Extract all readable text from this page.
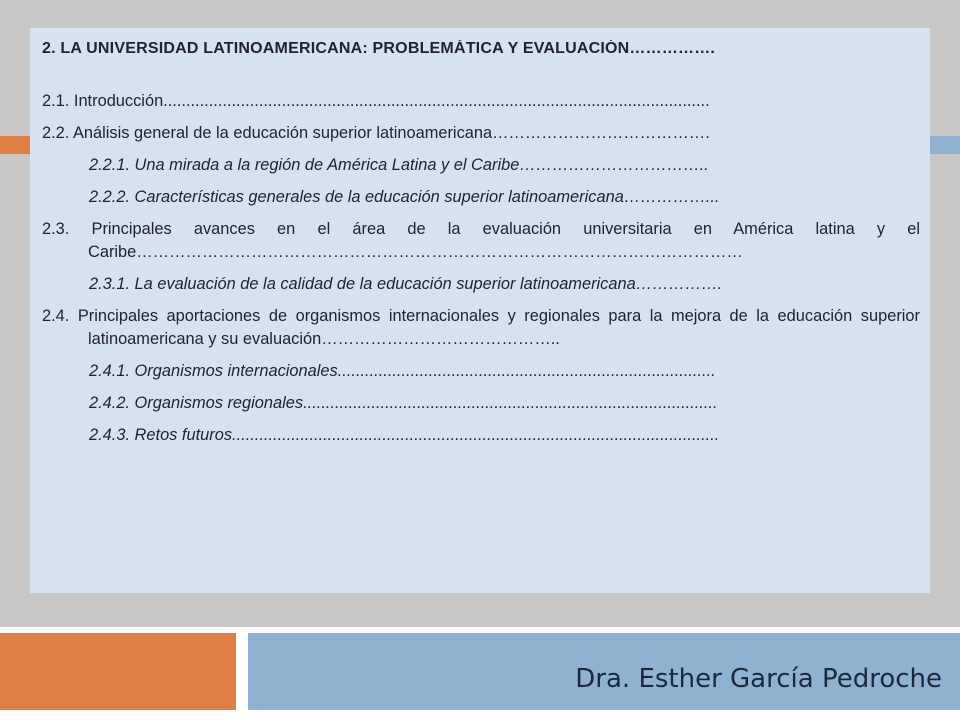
2. LA UNIVERSIDAD LATINOAMERICANA: PROBLEMÁTICA Y EVALUACIÓN…………….
2.1. Introducción........................................................................................................................
2.2. Análisis general de la educación superior latinoamericana………………………………….
2.2.1. Una mirada a la región de América Latina y el Caribe……………………………..
2.2.2. Características generales de la educación superior latinoamericana……………...
2.3. Principales avances en el área de la evaluación universitaria en América latina y el Caribe…………………………………………………………………………………………………
2.3.1. La evaluación de la calidad de la educación superior latinoamericana…………….
2.4. Principales aportaciones de organismos internacionales y regionales para la mejora de la educación superior latinoamericana y su evaluación……………………………………..
2.4.1. Organismos internacionales...................................................................................
2.4.2. Organismos regionales...........................................................................................
2.4.3. Retos futuros...........................................................................................................
Dra. Esther García Pedroche
